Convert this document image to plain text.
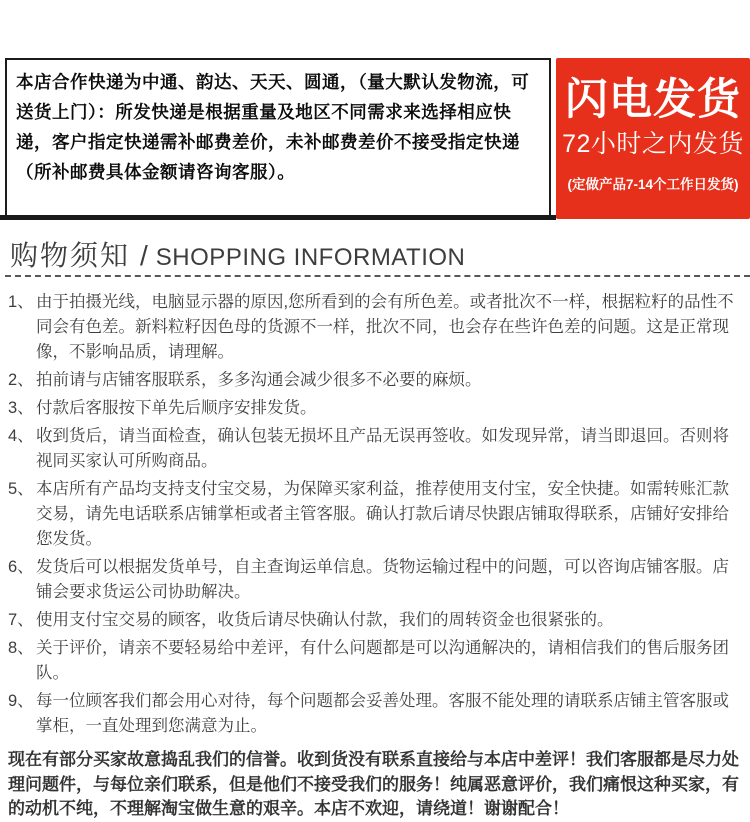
本店合作快递为中通、韵达、天天、圆通，（量大默认发物流，可送货上门）：所发快递是根据重量及地区不同需求来选择相应快递，客户指定快递需补邮费差价，未补邮费差价不接受指定快递（所补邮费具体金额请咨询客服）。
闪电发货
72小时之内发货
(定做产品7-14个工作日发货)
购物须知 / SHOPPING INFORMATION
1、 由于拍摄光线，电脑显示器的原因,您所看到的会有所色差。或者批次不一样，根据粒籽的品性不同会有色差。新料粒籽因色母的货源不一样，批次不同，也会存在些许色差的问题。这是正常现像，不影响品质，请理解。
2、 拍前请与店铺客服联系，多多沟通会减少很多不必要的麻烦。
3、 付款后客服按下单先后顺序安排发货。
4、 收到货后，请当面检查，确认包装无损坏且产品无误再签收。如发现异常，请当即退回。否则将视同买家认可所购商品。
5、 本店所有产品均支持支付宝交易，为保障买家利益，推荐使用支付宝，安全快捷。如需转账汇款交易，请先电话联系店铺掌柜或者主管客服。确认打款后请尽快跟店铺取得联系，店铺好安排给您发货。
6、 发货后可以根据发货单号，自主查询运单信息。货物运输过程中的问题，可以咨询店铺客服。店铺会要求货运公司协助解决。
7、 使用支付宝交易的顾客，收货后请尽快确认付款，我们的周转资金也很紧张的。
8、 关于评价，请亲不要轻易给中差评，有什么问题都是可以沟通解决的，请相信我们的售后服务团队。
9、 每一位顾客我们都会用心对待，每个问题都会妥善处理。客服不能处理的请联系店铺主管客服或掌柜，一直处理到您满意为止。
现在有部分买家故意捣乱我们的信誉。收到货没有联系直接给与本店中差评！我们客服都是尽力处理问题件，与每位亲们联系，但是他们不接受我们的服务！纯属恶意评价，我们痛恨这种买家，有的动机不纯，不理解淘宝做生意的艰辛。本店不欢迎，请绕道！谢谢配合！
